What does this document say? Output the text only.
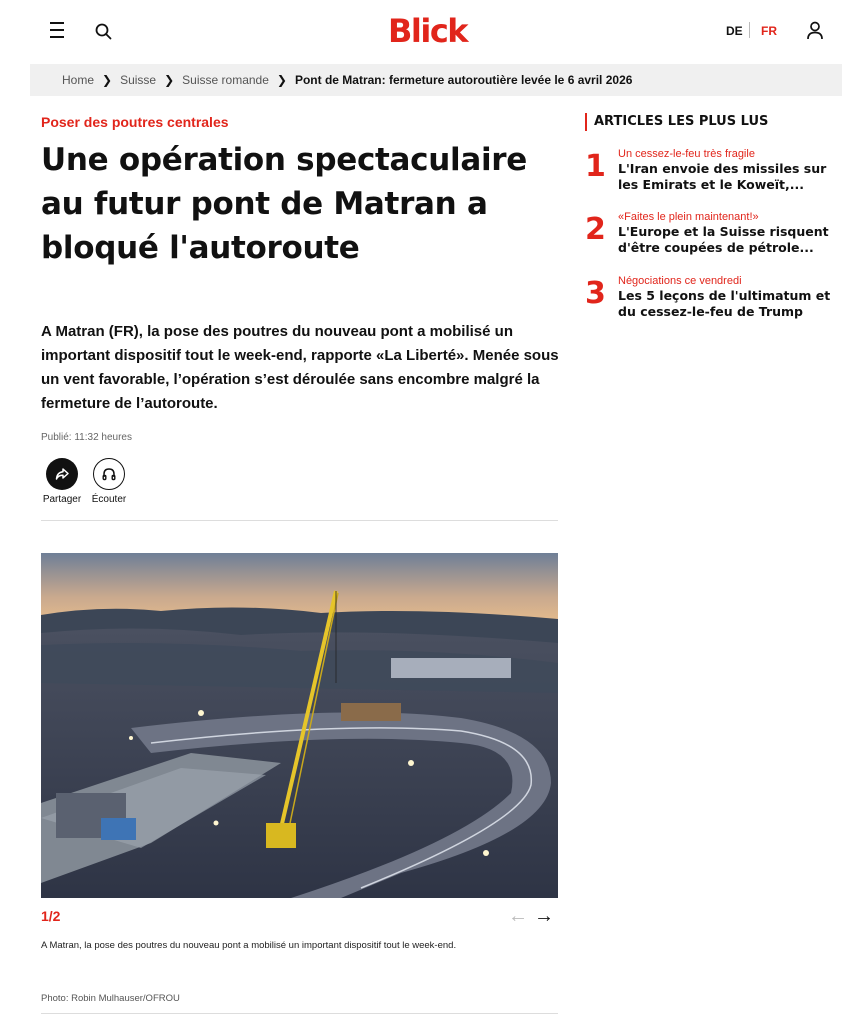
Blick	DE FR
Home ❯ Suisse ❯ Suisse romande ❯ Pont de Matran: fermeture autoroutière levée le 6 avril 2026
Poser des poutres centrales
Une opération spectaculaire au futur pont de Matran a bloqué l'autoroute

A Matran (FR), la pose des poutres du nouveau pont a mobilisé un important dispositif tout le week-end, rapporte «La Liberté». Menée sous un vent favorable, l’opération s’est déroulée sans encombre malgré la fermeture de l’autoroute.

Publié: 11:32 heures
Partager	Écouter
1/2	← →
A Matran, la pose des poutres du nouveau pont a mobilisé un important dispositif tout le week-end.
Photo: Robin Mulhauser/OFROU
ARTICLES LES PLUS LUS
1 Un cessez-le-feu très fragile
L'Iran envoie des missiles sur les Emirats et le Koweït,...
2 «Faites le plein maintenant!»
L'Europe et la Suisse risquent d'être coupées de pétrole...
3 Négociations ce vendredi
Les 5 leçons de l'ultimatum et du cessez-le-feu de Trump
